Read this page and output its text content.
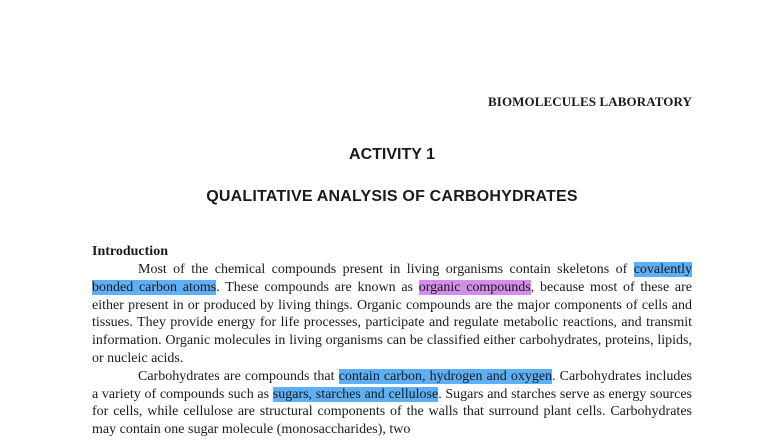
BIOMOLECULES LABORATORY
ACTIVITY 1
QUALITATIVE ANALYSIS OF CARBOHYDRATES
Introduction

Most of the chemical compounds present in living organisms contain skeletons of covalently bonded carbon atoms. These compounds are known as organic compounds, because most of these are either present in or produced by living things. Organic compounds are the major components of cells and tissues. They provide energy for life processes, participate and regulate metabolic reactions, and transmit information. Organic molecules in living organisms can be classified either carbohydrates, proteins, lipids, or nucleic acids.

Carbohydrates are compounds that contain carbon, hydrogen and oxygen. Carbohydrates includes a variety of compounds such as sugars, starches and cellulose. Sugars and starches serve as energy sources for cells, while cellulose are structural components of the walls that surround plant cells. Carbohydrates may contain one sugar molecule (monosaccharides), two
